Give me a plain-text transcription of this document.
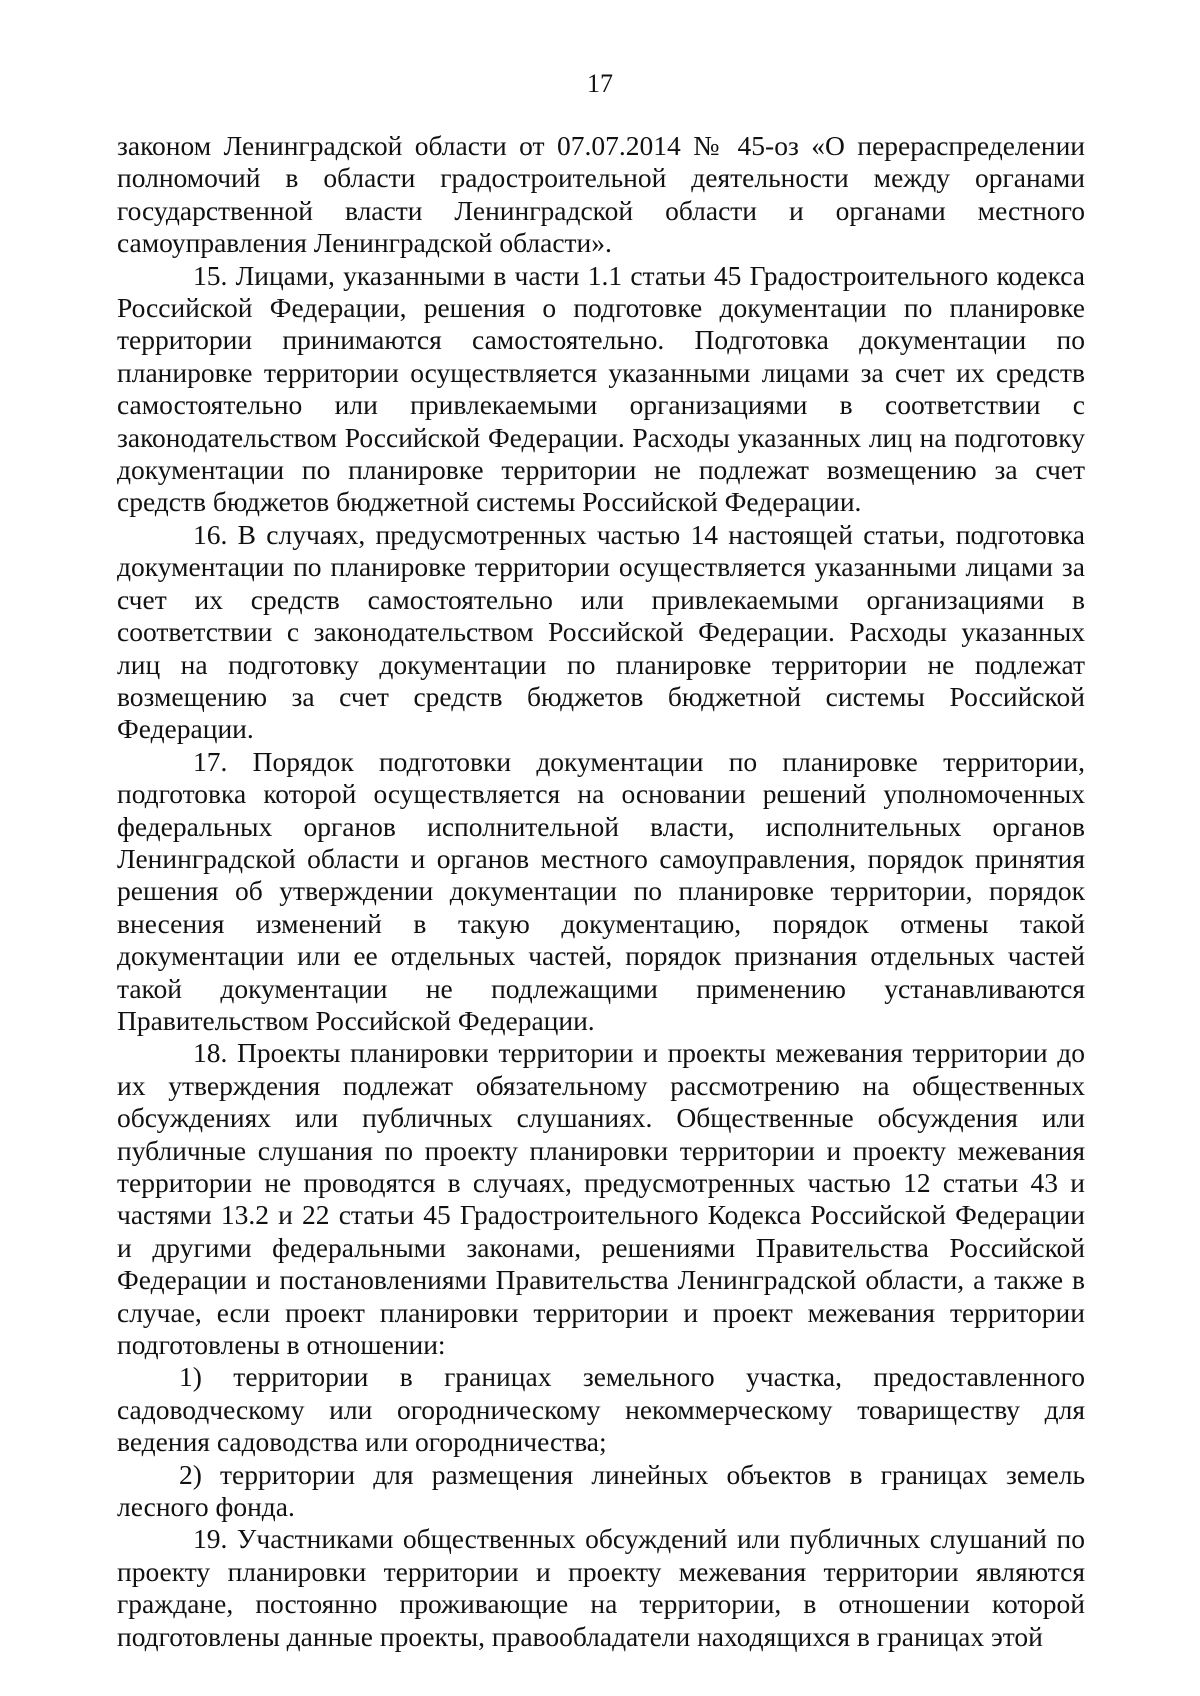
17

законом Ленинградской области от 07.07.2014 № 45-оз «О перераспределении полномочий в области градостроительной деятельности между органами государственной власти Ленинградской области и органами местного самоуправления Ленинградской области».

15. Лицами, указанными в части 1.1 статьи 45 Градостроительного кодекса Российской Федерации, решения о подготовке документации по планировке территории принимаются самостоятельно. Подготовка документации по планировке территории осуществляется указанными лицами за счет их средств самостоятельно или привлекаемыми организациями в соответствии с законодательством Российской Федерации. Расходы указанных лиц на подготовку документации по планировке территории не подлежат возмещению за счет средств бюджетов бюджетной системы Российской Федерации.

16. В случаях, предусмотренных частью 14 настоящей статьи, подготовка документации по планировке территории осуществляется указанными лицами за счет их средств самостоятельно или привлекаемыми организациями в соответствии с законодательством Российской Федерации. Расходы указанных лиц на подготовку документации по планировке территории не подлежат возмещению за счет средств бюджетов бюджетной системы Российской Федерации.

17. Порядок подготовки документации по планировке территории, подготовка которой осуществляется на основании решений уполномоченных федеральных органов исполнительной власти, исполнительных органов Ленинградской области и органов местного самоуправления, порядок принятия решения об утверждении документации по планировке территории, порядок внесения изменений в такую документацию, порядок отмены такой документации или ее отдельных частей, порядок признания отдельных частей такой документации не подлежащими применению устанавливаются Правительством Российской Федерации.

18. Проекты планировки территории и проекты межевания территории до их утверждения подлежат обязательному рассмотрению на общественных обсуждениях или публичных слушаниях. Общественные обсуждения или публичные слушания по проекту планировки территории и проекту межевания территории не проводятся в случаях, предусмотренных частью 12 статьи 43 и частями 13.2 и 22 статьи 45 Градостроительного Кодекса Российской Федерации и другими федеральными законами, решениями Правительства Российской Федерации и постановлениями Правительства Ленинградской области, а также в случае, если проект планировки территории и проект межевания территории подготовлены в отношении:

1) территории в границах земельного участка, предоставленного садоводческому или огородническому некоммерческому товариществу для ведения садоводства или огородничества;

2) территории для размещения линейных объектов в границах земель лесного фонда.

19. Участниками общественных обсуждений или публичных слушаний по проекту планировки территории и проекту межевания территории являются граждане, постоянно проживающие на территории, в отношении которой подготовлены данные проекты, правообладатели находящихся в границах этой
